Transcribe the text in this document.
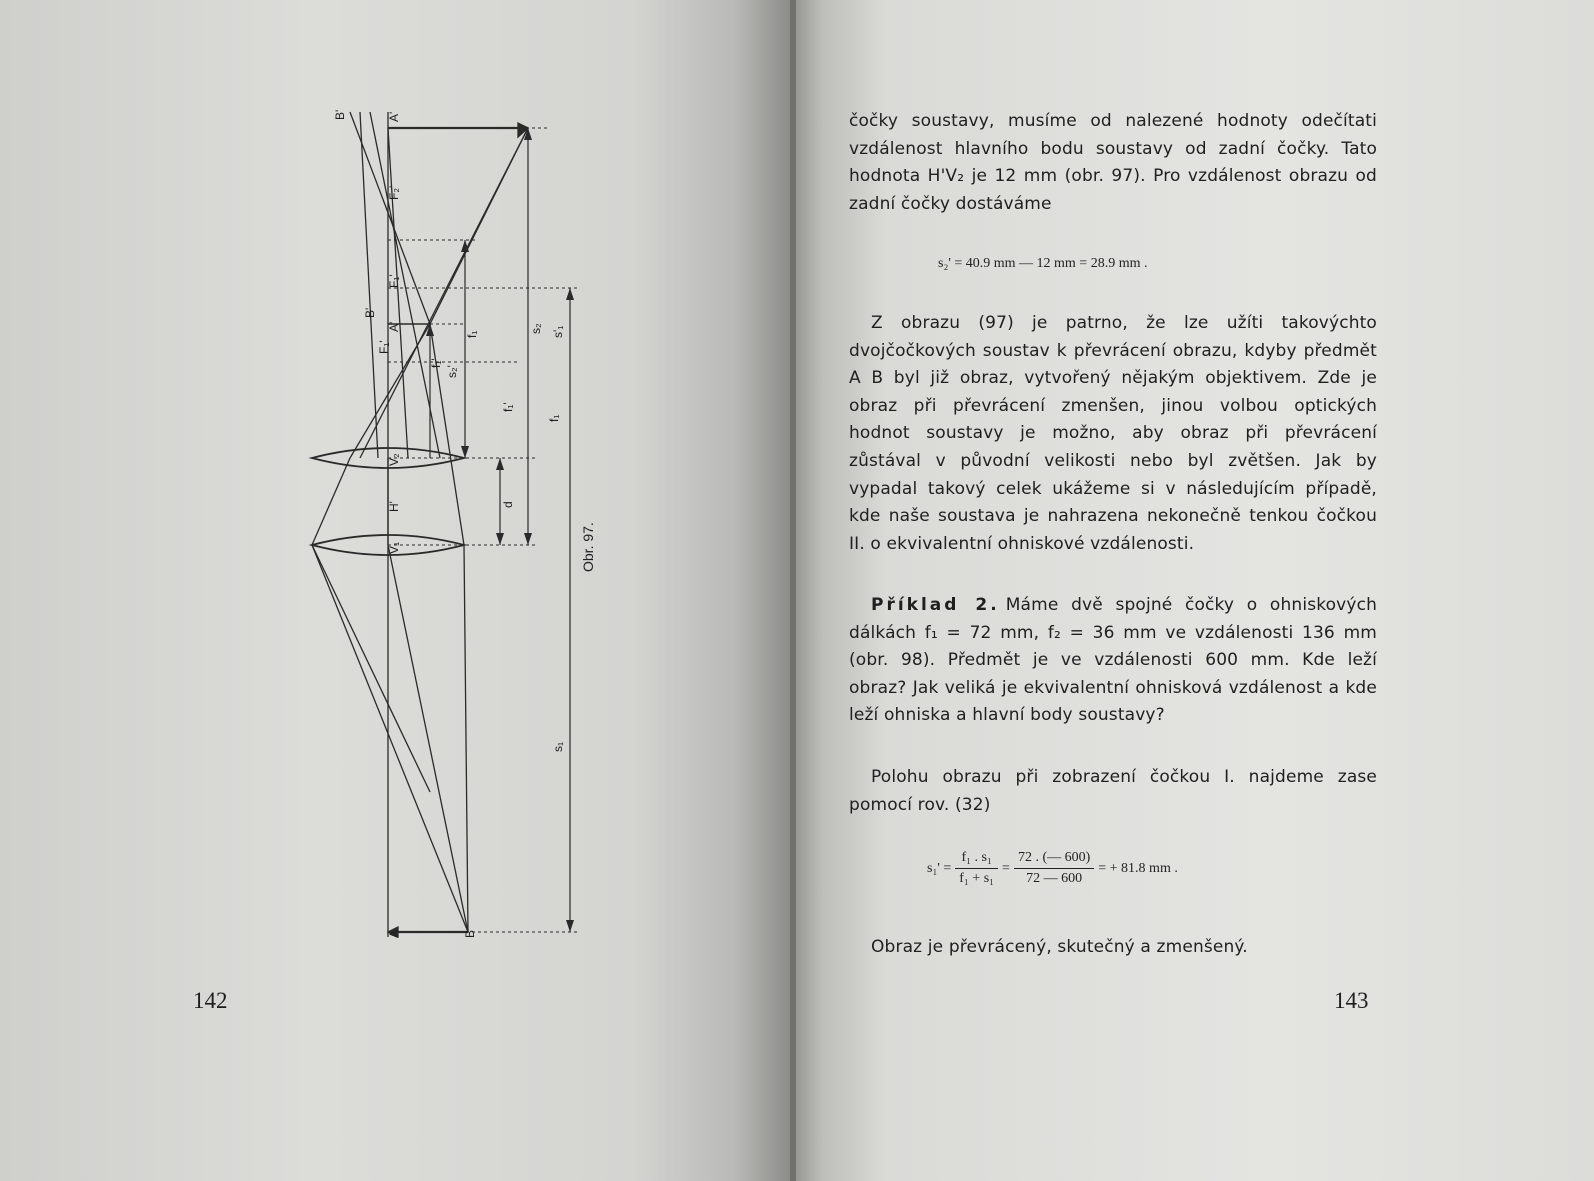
B'	A'
F₂'
F₁'
B'
A'
F₁'
V₂
H'
V₁
A	B
f₁
f₁'
s₂ s'₁
s₂'
d
f₁'
s₁
f₁
Obr. 97.
142

čočky soustavy, musíme od nalezené hodnoty odečítati vzdálenost hlavního bodu soustavy od zadní čočky. Tato hodnota H'V₂ je 12 mm (obr. 97). Pro vzdálenost obrazu od zadní čočky dostáváme

s₂' = 40.9 mm — 12 mm = 28.9 mm .

Z obrazu (97) je patrno, že lze užíti takovýchto dvojčočkových soustav k převrácení obrazu, kdyby předmět A B byl již obraz, vytvořený nějakým objektivem. Zde je obraz při převrácení zmenšen, jinou volbou optických hodnot soustavy je možno, aby obraz při převrácení zůstával v původní velikosti nebo byl zvětšen. Jak by vypadal takový celek ukážeme si v následujícím případě, kde naše soustava je nahrazena nekonečně tenkou čočkou II. o ekvivalentní ohniskové vzdálenosti.

Příklad 2. Máme dvě spojné čočky o ohniskových dálkách f₁ = 72 mm, f₂ = 36 mm ve vzdálenosti 136 mm (obr. 98). Předmět je ve vzdálenosti 600 mm. Kde leží obraz? Jak veliká je ekvivalentní ohnisková vzdálenost a kde leží ohniska a hlavní body soustavy?

Polohu obrazu při zobrazení čočkou I. najdeme zase pomocí rov. (32)

$s_1' = \frac{\text{f₁ . s₁}}{\text{f₁ + s₁}} = \frac{72 . (— 600)}{72 — 600}$ = + 81.8 mm .

Obraz je převrácený, skutečný a zmenšený.

143
